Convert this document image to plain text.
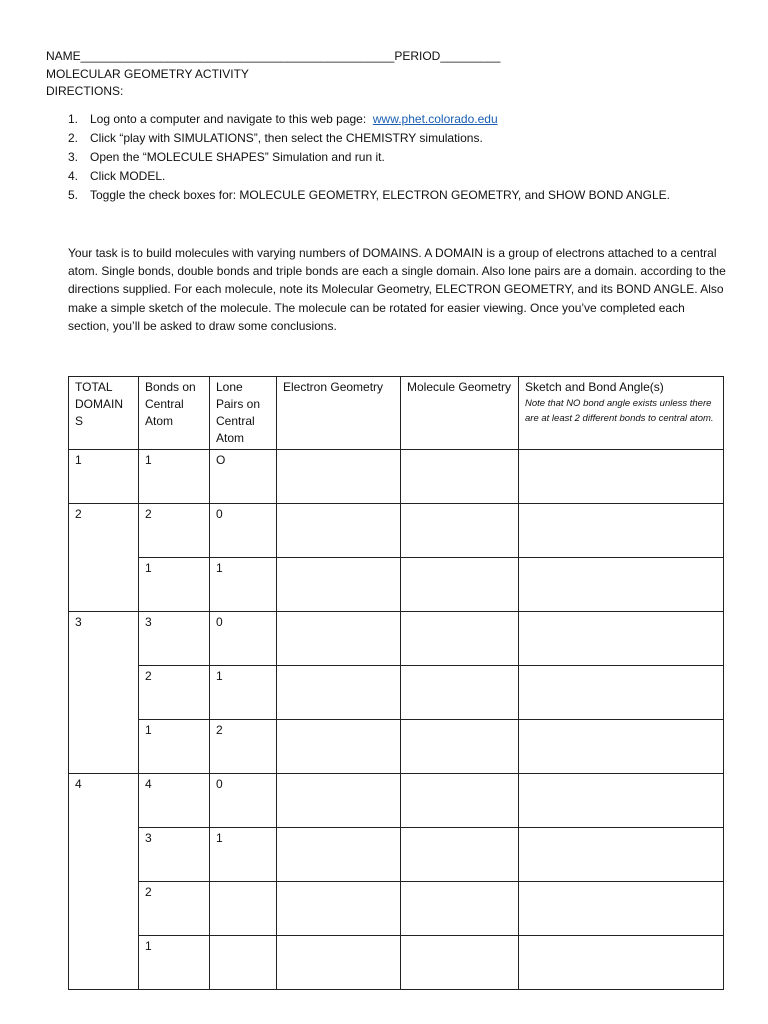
NAME_______________________________________________PERIOD_________
MOLECULAR GEOMETRY ACTIVITY
DIRECTIONS:
1. Log onto a computer and navigate to this web page: www.phet.colorado.edu
2. Click “play with SIMULATIONS”, then select the CHEMISTRY simulations.
3. Open the “MOLECULE SHAPES” Simulation and run it.
4. Click MODEL.
5. Toggle the check boxes for: MOLECULE GEOMETRY, ELECTRON GEOMETRY, and SHOW BOND ANGLE.
Your task is to build molecules with varying numbers of DOMAINS. A DOMAIN is a group of electrons attached to a central atom. Single bonds, double bonds and triple bonds are each a single domain. Also lone pairs are a domain. according to the directions supplied. For each molecule, note its Molecular Geometry, ELECTRON GEOMETRY, and its BOND ANGLE. Also make a simple sketch of the molecule. The molecule can be rotated for easier viewing. Once you’ve completed each section, you’ll be asked to draw some conclusions.
TOTAL DOMAIN S	Bonds on Central Atom	Lone Pairs on Central Atom	Electron Geometry	Molecule Geometry	Sketch and Bond Angle(s)
Note that NO bond angle exists unless there are at least 2 different bonds to central atom.

1	1	O			
2	2	0			
	1	1			
3	3	0			
	2	1			
	1	2			
4	4	0			
	3	1			
	2				
	1				
